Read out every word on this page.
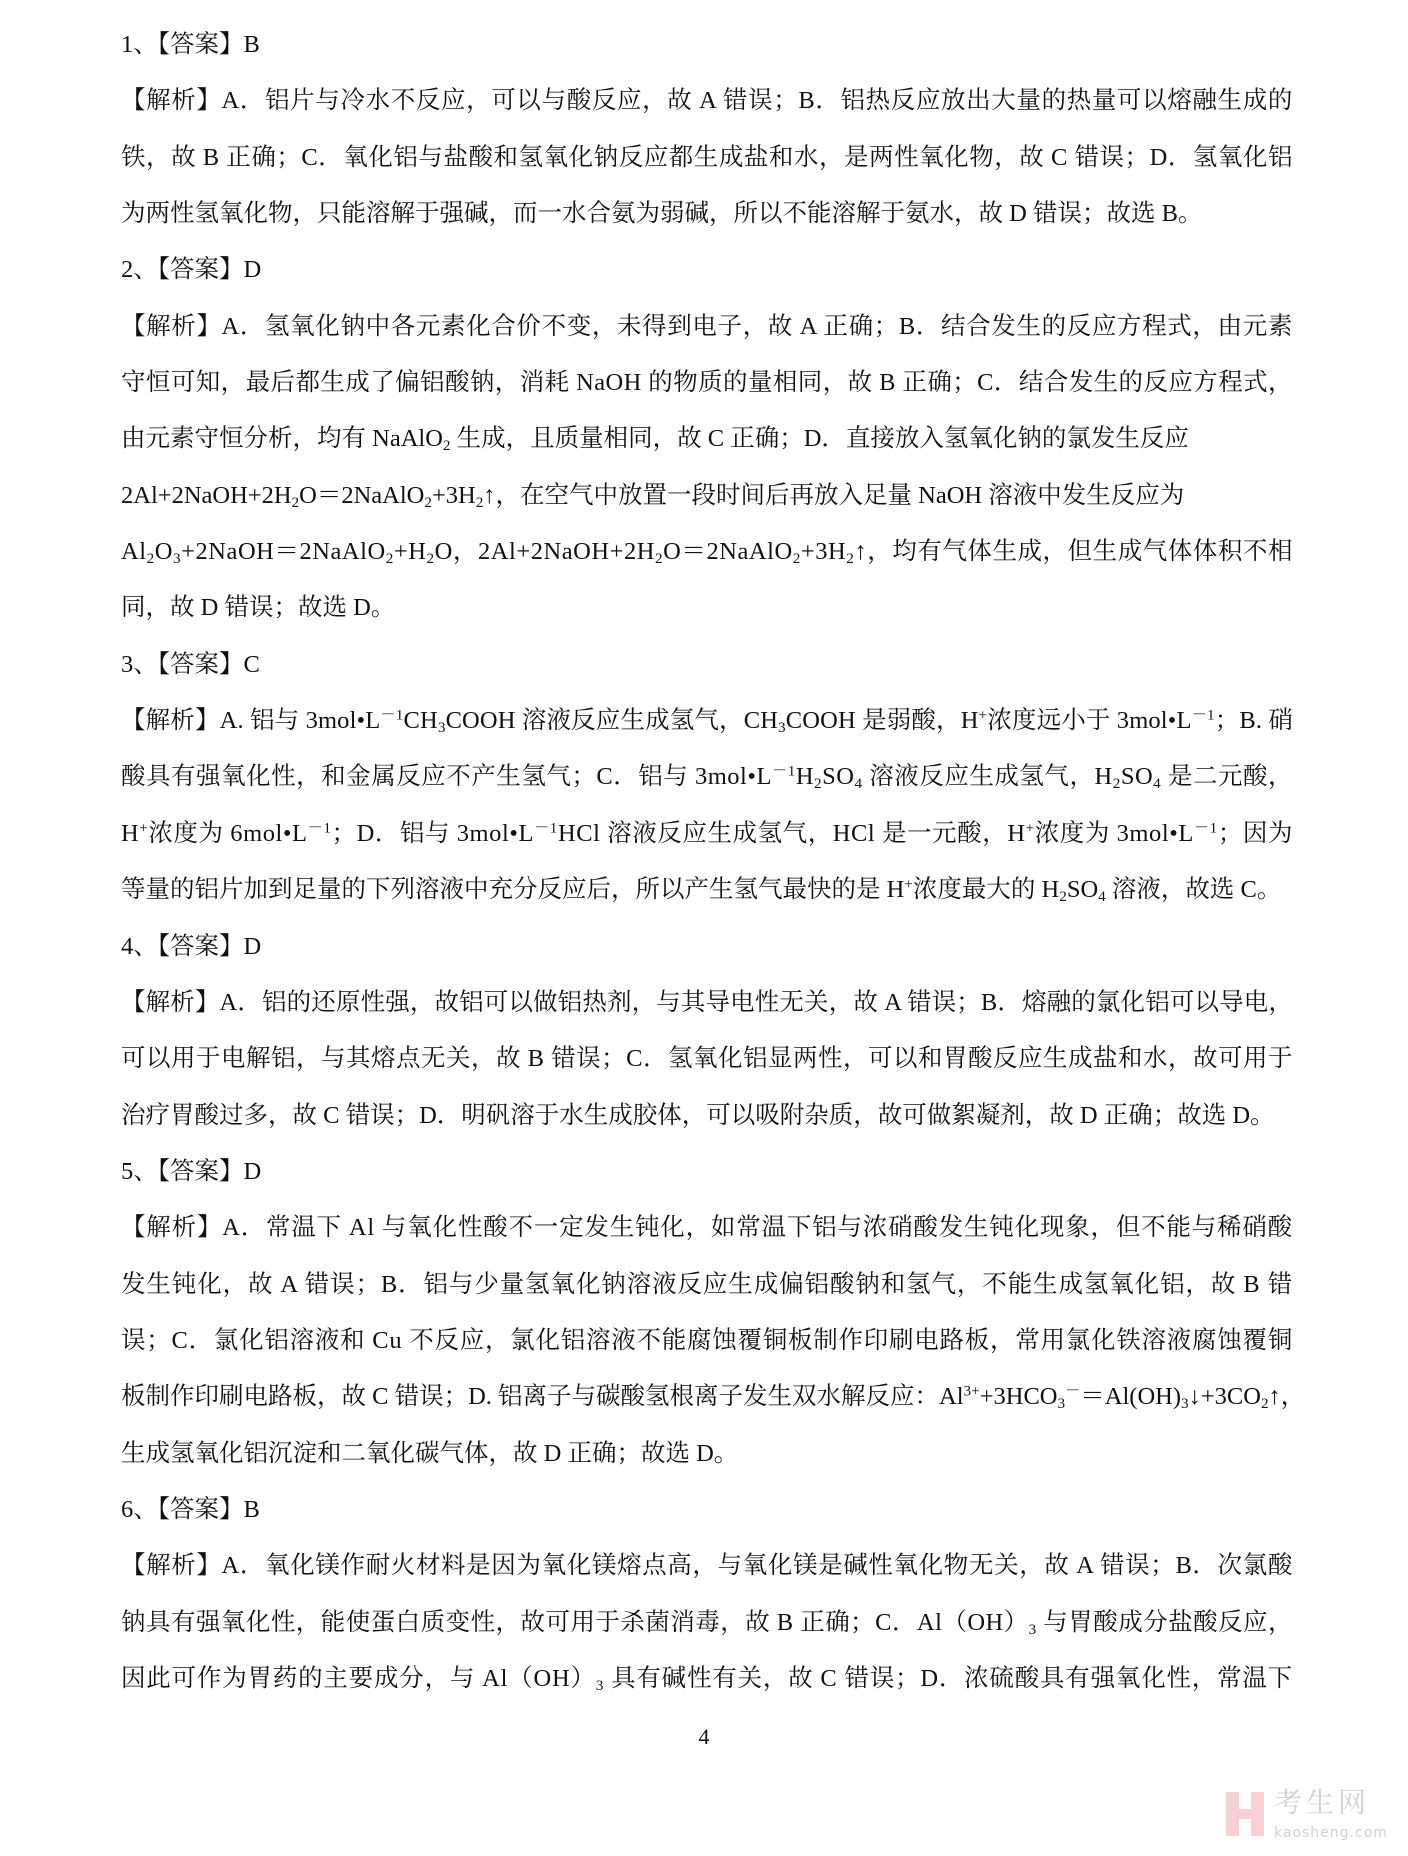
1、【答案】B
【解析】A．铝片与冷水不反应，可以与酸反应，故 A 错误；B．铝热反应放出大量的热量可以熔融生成的
铁，故 B 正确；C．氧化铝与盐酸和氢氧化钠反应都生成盐和水，是两性氧化物，故 C 错误；D．氢氧化铝
为两性氢氧化物，只能溶解于强碱，而一水合氨为弱碱，所以不能溶解于氨水，故 D 错误；故选 B。
2、【答案】D
【解析】A．氢氧化钠中各元素化合价不变，未得到电子，故 A 正确；B．结合发生的反应方程式，由元素
守恒可知，最后都生成了偏铝酸钠，消耗 NaOH 的物质的量相同，故 B 正确；C．结合发生的反应方程式，
由元素守恒分析，均有 NaAlO$_2$ 生成，且质量相同，故 C 正确；D．直接放入氢氧化钠的氯发生反应
$2Al+2NaOH+2H_2O=2NaAlO_2+3H_2↑$，在空气中放置一段时间后再放入足量 NaOH 溶液中发生反应为
$Al_2O_3+2NaOH=2NaAlO_2+H_2O$，$2Al+2NaOH+2H_2O=2NaAlO_2+3H_2↑$，均有气体生成，但生成气体体积不相
同，故 D 错误；故选 D。
3、【答案】C
【解析】A. 铝与 $3mol•L^{-1}CH_3COOH$ 溶液反应生成氢气，$CH_3COOH$ 是弱酸，H+浓度远小于 $3mol•L^{-1}$；B. 硝
酸具有强氧化性，和金属反应不产生氢气；C．铝与 $3mol•L^{-1}H_2SO_4$ 溶液反应生成氢气，$H_2SO_4$ 是二元酸，
H+浓度为 $6mol•L^{-1}$；D．铝与 $3mol•L^{-1}HCl$ 溶液反应生成氢气，HCl 是一元酸，H+浓度为 $3mol•L^{-1}$；因为
等量的铝片加到足量的下列溶液中充分反应后，所以产生氢气最快的是 H+浓度最大的 $H_2SO_4$ 溶液，故选 C。
4、【答案】D
【解析】A．铝的还原性强，故铝可以做铝热剂，与其导电性无关，故 A 错误；B．熔融的氯化铝可以导电，
可以用于电解铝，与其熔点无关，故 B 错误；C．氢氧化铝显两性，可以和胃酸反应生成盐和水，故可用于
治疗胃酸过多，故 C 错误；D．明矾溶于水生成胶体，可以吸附杂质，故可做絮凝剂，故 D 正确；故选 D。
5、【答案】D
【解析】A．常温下 Al 与氧化性酸不一定发生钝化，如常温下铝与浓硝酸发生钝化现象，但不能与稀硝酸
发生钝化，故 A 错误；B．铝与少量氢氧化钠溶液反应生成偏铝酸钠和氢气，不能生成氢氧化铝，故 B 错
误；C．氯化铝溶液和 Cu 不反应，氯化铝溶液不能腐蚀覆铜板制作印刷电路板，常用氯化铁溶液腐蚀覆铜
板制作印刷电路板，故 C 错误；D. 铝离子与碳酸氢根离子发生双水解反应：$Al^{3+}+3HCO_3^-=Al(OH)_3↓+3CO_2↑$，
生成氢氧化铝沉淀和二氧化碳气体，故 D 正确；故选 D。
6、【答案】B
【解析】A．氧化镁作耐火材料是因为氧化镁熔点高，与氧化镁是碱性氧化物无关，故 A 错误；B．次氯酸
钠具有强氧化性，能使蛋白质变性，故可用于杀菌消毒，故 B 正确；C．$Al(OH)_3$ 与胃酸成分盐酸反应，
因此可作为胃药的主要成分，与 $Al(OH)_3$ 具有碱性有关，故 C 错误；D．浓硫酸具有强氧化性，常温下
4
考生网
kaosheng.com
